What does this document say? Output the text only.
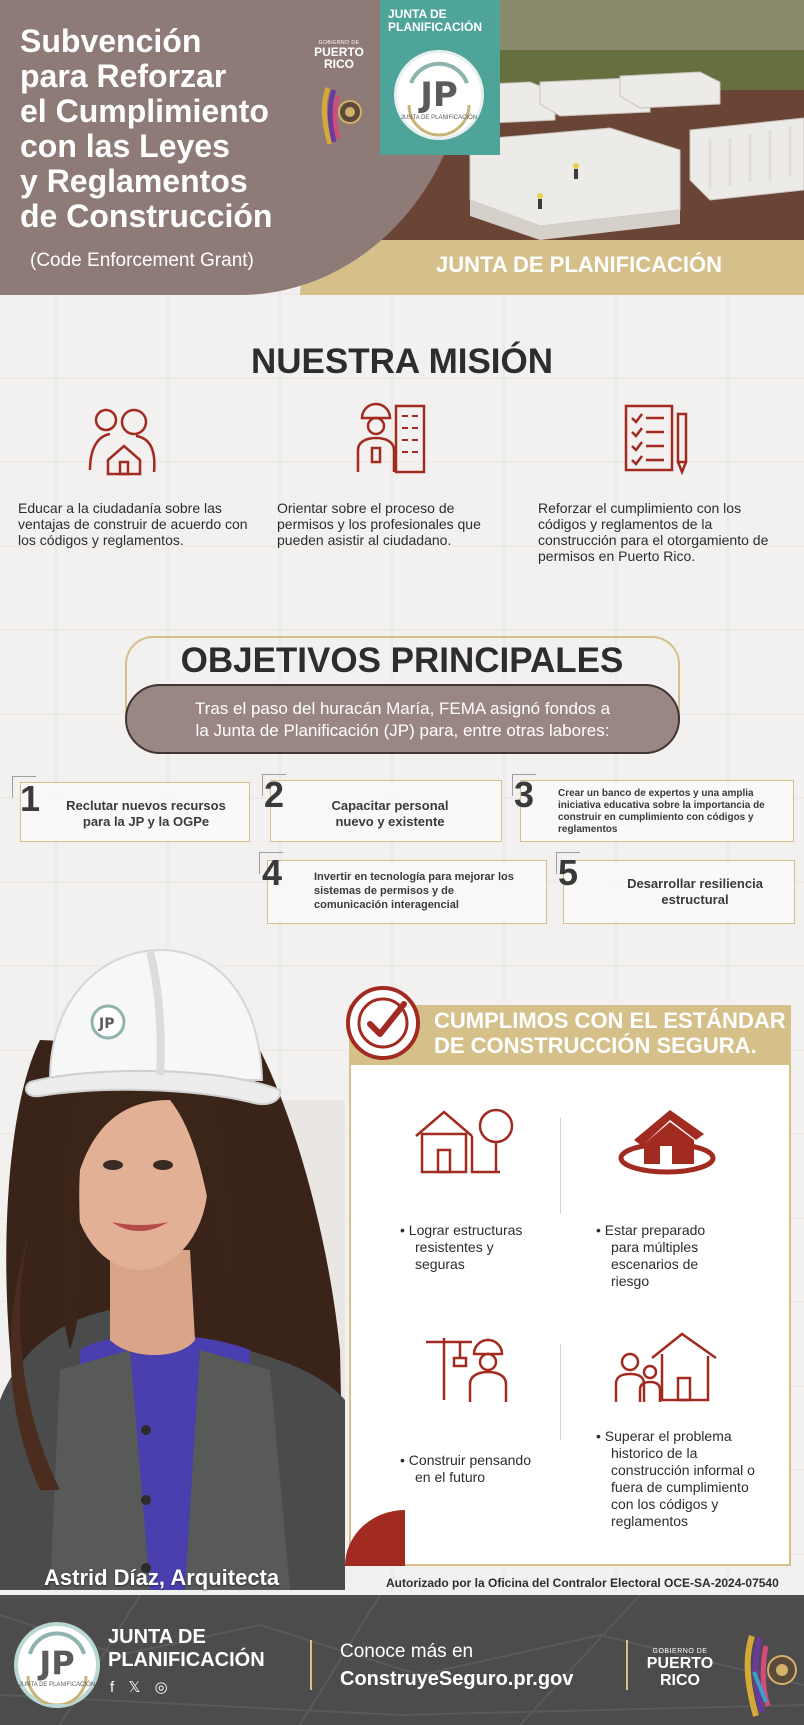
JUNTA DE
PLANIFICACIÓN
JP
JUNTA DE PLANIFICACIÓN
Subvención
para Reforzar
el Cumplimiento
con las Leyes
y Reglamentos
de Construcción
(Code Enforcement Grant)
GOBIERNO DE
PUERTO
RICO
JUNTA DE PLANIFICACIÓN
NUESTRA MISIÓN
Educar a la ciudadanía sobre las
ventajas de construir de acuerdo con
los códigos y reglamentos.
Orientar sobre el proceso de
permisos y los profesionales que
pueden asistir al ciudadano.
Reforzar el cumplimiento con los
códigos y reglamentos de la
construcción para el otorgamiento de
permisos en Puerto Rico.
OBJETIVOS PRINCIPALES
Tras el paso del huracán María, FEMA asignó fondos a
la Junta de Planificación (JP) para, entre otras labores:
1	Reclutar nuevos recursos
para la JP y la OGPe
2	Capacitar personal
nuevo y existente
3 Crear un banco de expertos y una amplia
iniciativa educativa sobre la importancia de
construir en cumplimiento con códigos y
reglamentos
4	Invertir en tecnología para mejorar los
sistemas de permisos y de
comunicación interagencial
5	Desarrollar resiliencia
estructural
JP
Astrid Díaz, Arquitecta
CUMPLIMOS CON EL ESTÁNDAR
DE CONSTRUCCIÓN SEGURA.
• Lograr estructuras
resistentes y
seguras
• Estar preparado
para múltiples
escenarios de
riesgo
• Construir pensando
en el futuro
• Superar el problema
historico de la
construcción informal o
fuera de cumplimiento
con los códigos y
reglamentos
Autorizado por la Oficina del Contralor Electoral OCE-SA-2024-07540
JP
JUNTA DE PLANIFICACIÓN
JUNTA DE
PLANIFICACIÓN
f 𝕏 ◎
Conoce más en
ConstruyeSeguro.pr.gov
GOBIERNO DE
PUERTO
RICO
